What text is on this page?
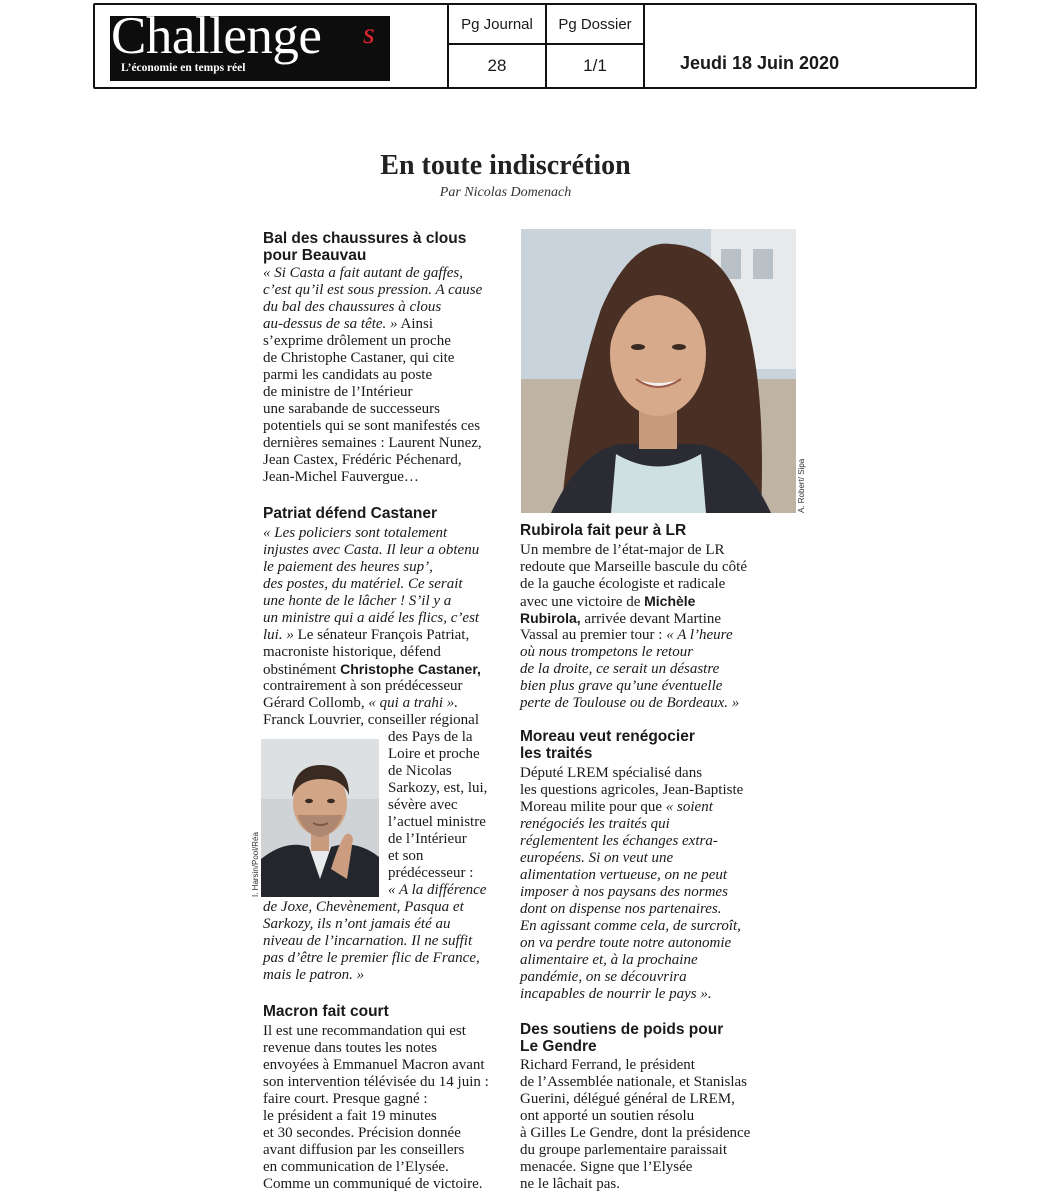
Challenge s
L’économie en temps réel
Pg Journal
28
Pg Dossier
1/1	Jeudi 18 Juin 2020
En toute indiscrétion
Par Nicolas Domenach
Bal des chaussures à clous
pour Beauvau
« Si Casta a fait autant de gaffes,
c’est qu’il est sous pression. A cause
du bal des chaussures à clous
au-dessus de sa tête. » Ainsi
s’exprime drôlement un proche
de Christophe Castaner, qui cite
parmi les candidats au poste
de ministre de l’Intérieur
une sarabande de successeurs
potentiels qui se sont manifestés ces
dernières semaines : Laurent Nunez,
Jean Castex, Frédéric Péchenard,
Jean-Michel Fauvergue…
Patriat défend Castaner
« Les policiers sont totalement
injustes avec Casta. Il leur a obtenu
le paiement des heures sup’,
des postes, du matériel. Ce serait
une honte de le lâcher ! S’il y a
un ministre qui a aidé les flics, c’est
lui. » Le sénateur François Patriat,
macroniste historique, défend
obstinément Christophe Castaner,
contrairement à son prédécesseur
Gérard Collomb, « qui a trahi ».
Franck Louvrier, conseiller régional
des Pays de la
Loire et proche
de Nicolas
Sarkozy, est, lui,
sévère avec
l’actuel ministre
de l’Intérieur
et son
prédécesseur :
« A la différence
de Joxe, Chevènement, Pasqua et
Sarkozy, ils n’ont jamais été au
niveau de l’incarnation. Il ne suffit
pas d’être le premier flic de France,
mais le patron. »
I. Harsin/Pool/Réa
Macron fait court
Il est une recommandation qui est
revenue dans toutes les notes
envoyées à Emmanuel Macron avant
son intervention télévisée du 14 juin :
faire court. Presque gagné :
le président a fait 19 minutes
et 30 secondes. Précision donnée
avant diffusion par les conseillers
en communication de l’Elysée.
Comme un communiqué de victoire.
A. Robert/ Sipa
Rubirola fait peur à LR
Un membre de l’état-major de LR
redoute que Marseille bascule du côté
de la gauche écologiste et radicale
avec une victoire de Michèle
Rubirola, arrivée devant Martine
Vassal au premier tour : « A l’heure
où nous trompetons le retour
de la droite, ce serait un désastre
bien plus grave qu’une éventuelle
perte de Toulouse ou de Bordeaux. »
Moreau veut renégocier
les traités
Député LREM spécialisé dans
les questions agricoles, Jean-Baptiste
Moreau milite pour que « soient
renégociés les traités qui
réglementent les échanges extra-
européens. Si on veut une
alimentation vertueuse, on ne peut
imposer à nos paysans des normes
dont on dispense nos partenaires.
En agissant comme cela, de surcroît,
on va perdre toute notre autonomie
alimentaire et, à la prochaine
pandémie, on se découvrira
incapables de nourrir le pays ».
Des soutiens de poids pour
Le Gendre
Richard Ferrand, le président
de l’Assemblée nationale, et Stanislas
Guerini, délégué général de LREM,
ont apporté un soutien résolu
à Gilles Le Gendre, dont la présidence
du groupe parlementaire paraissait
menacée. Signe que l’Elysée
ne le lâchait pas.
